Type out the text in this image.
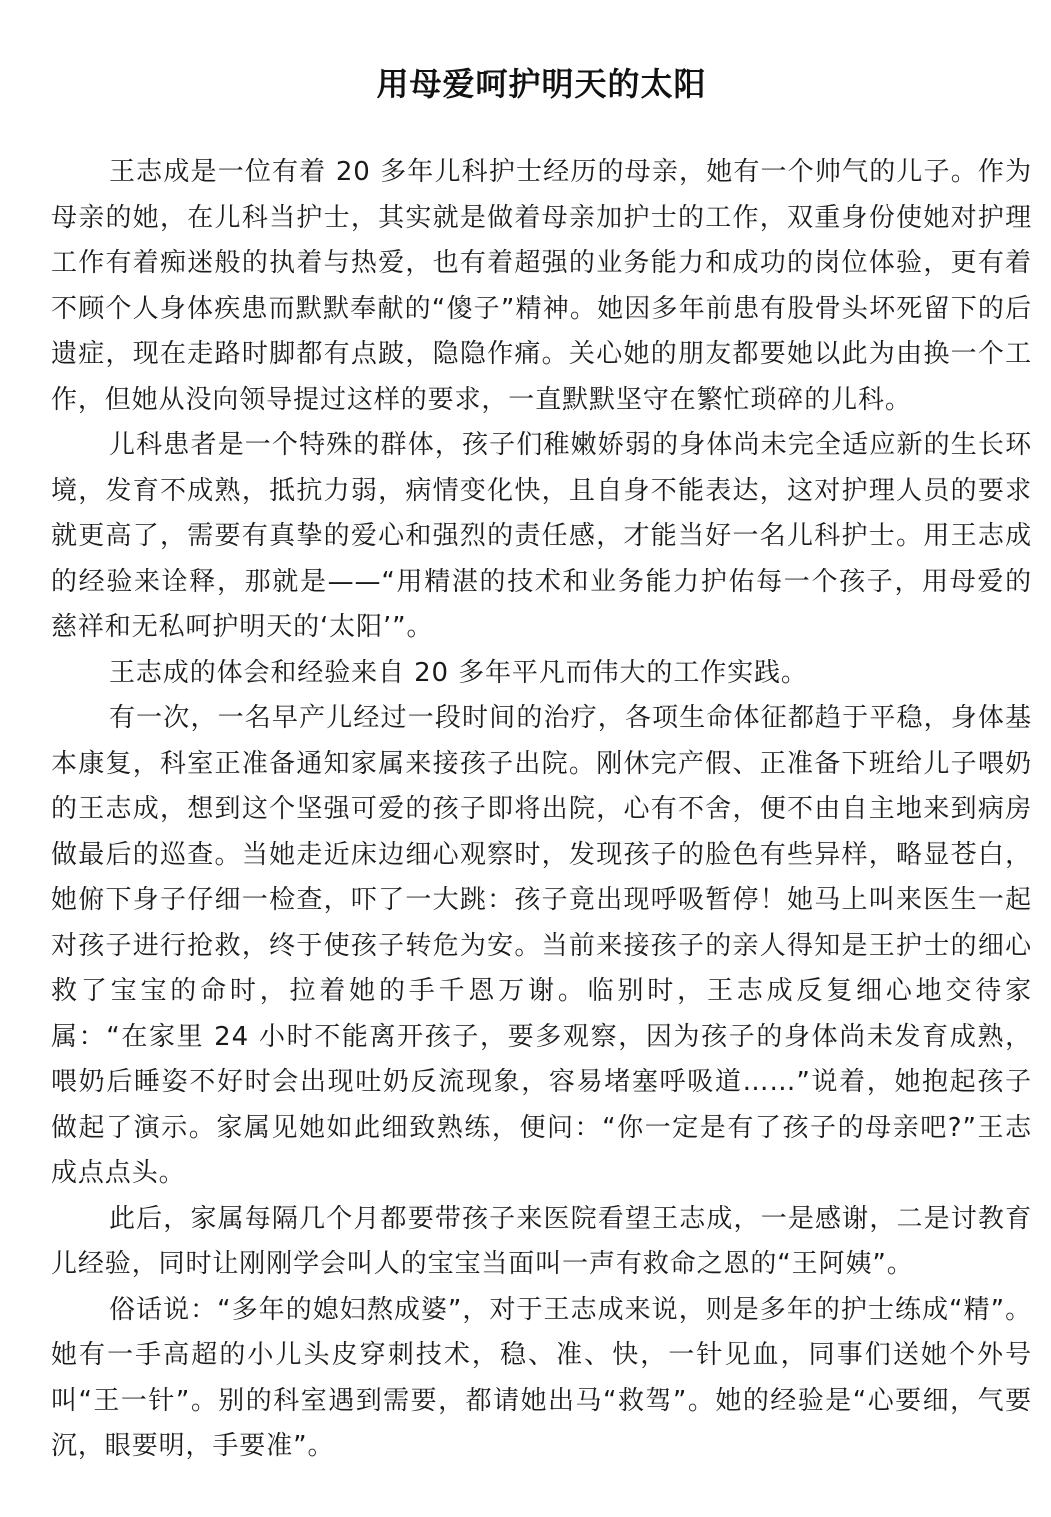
用母爱呵护明天的太阳

王志成是一位有着 20 多年儿科护士经历的母亲，她有一个帅气的儿子。作为母亲的她，在儿科当护士，其实就是做着母亲加护士的工作，双重身份使她对护理工作有着痴迷般的执着与热爱，也有着超强的业务能力和成功的岗位体验，更有着不顾个人身体疾患而默默奉献的“傻子”精神。她因多年前患有股骨头坏死留下的后遗症，现在走路时脚都有点跛，隐隐作痛。关心她的朋友都要她以此为由换一个工作，但她从没向领导提过这样的要求，一直默默坚守在繁忙琐碎的儿科。

儿科患者是一个特殊的群体，孩子们稚嫩娇弱的身体尚未完全适应新的生长环境，发育不成熟，抵抗力弱，病情变化快，且自身不能表达，这对护理人员的要求就更高了，需要有真挚的爱心和强烈的责任感，才能当好一名儿科护士。用王志成的经验来诠释，那就是——“用精湛的技术和业务能力护佑每一个孩子，用母爱的慈祥和无私呵护明天的‘太阳’”。

王志成的体会和经验来自 20 多年平凡而伟大的工作实践。

有一次，一名早产儿经过一段时间的治疗，各项生命体征都趋于平稳，身体基本康复，科室正准备通知家属来接孩子出院。刚休完产假、正准备下班给儿子喂奶的王志成，想到这个坚强可爱的孩子即将出院，心有不舍，便不由自主地来到病房做最后的巡查。当她走近床边细心观察时，发现孩子的脸色有些异样，略显苍白，她俯下身子仔细一检查，吓了一大跳：孩子竟出现呼吸暂停！她马上叫来医生一起对孩子进行抢救，终于使孩子转危为安。当前来接孩子的亲人得知是王护士的细心救了宝宝的命时，拉着她的手千恩万谢。临别时，王志成反复细心地交待家属：“在家里 24 小时不能离开孩子，要多观察，因为孩子的身体尚未发育成熟，喂奶后睡姿不好时会出现吐奶反流现象，容易堵塞呼吸道……”说着，她抱起孩子做起了演示。家属见她如此细致熟练，便问：“你一定是有了孩子的母亲吧?”王志成点点头。

此后，家属每隔几个月都要带孩子来医院看望王志成，一是感谢，二是讨教育儿经验，同时让刚刚学会叫人的宝宝当面叫一声有救命之恩的“王阿姨”。

俗话说：“多年的媳妇熬成婆”，对于王志成来说，则是多年的护士练成“精”。她有一手高超的小儿头皮穿刺技术，稳、准、快，一针见血，同事们送她个外号叫“王一针”。别的科室遇到需要，都请她出马“救驾”。她的经验是“心要细，气要沉，眼要明，手要准”。
